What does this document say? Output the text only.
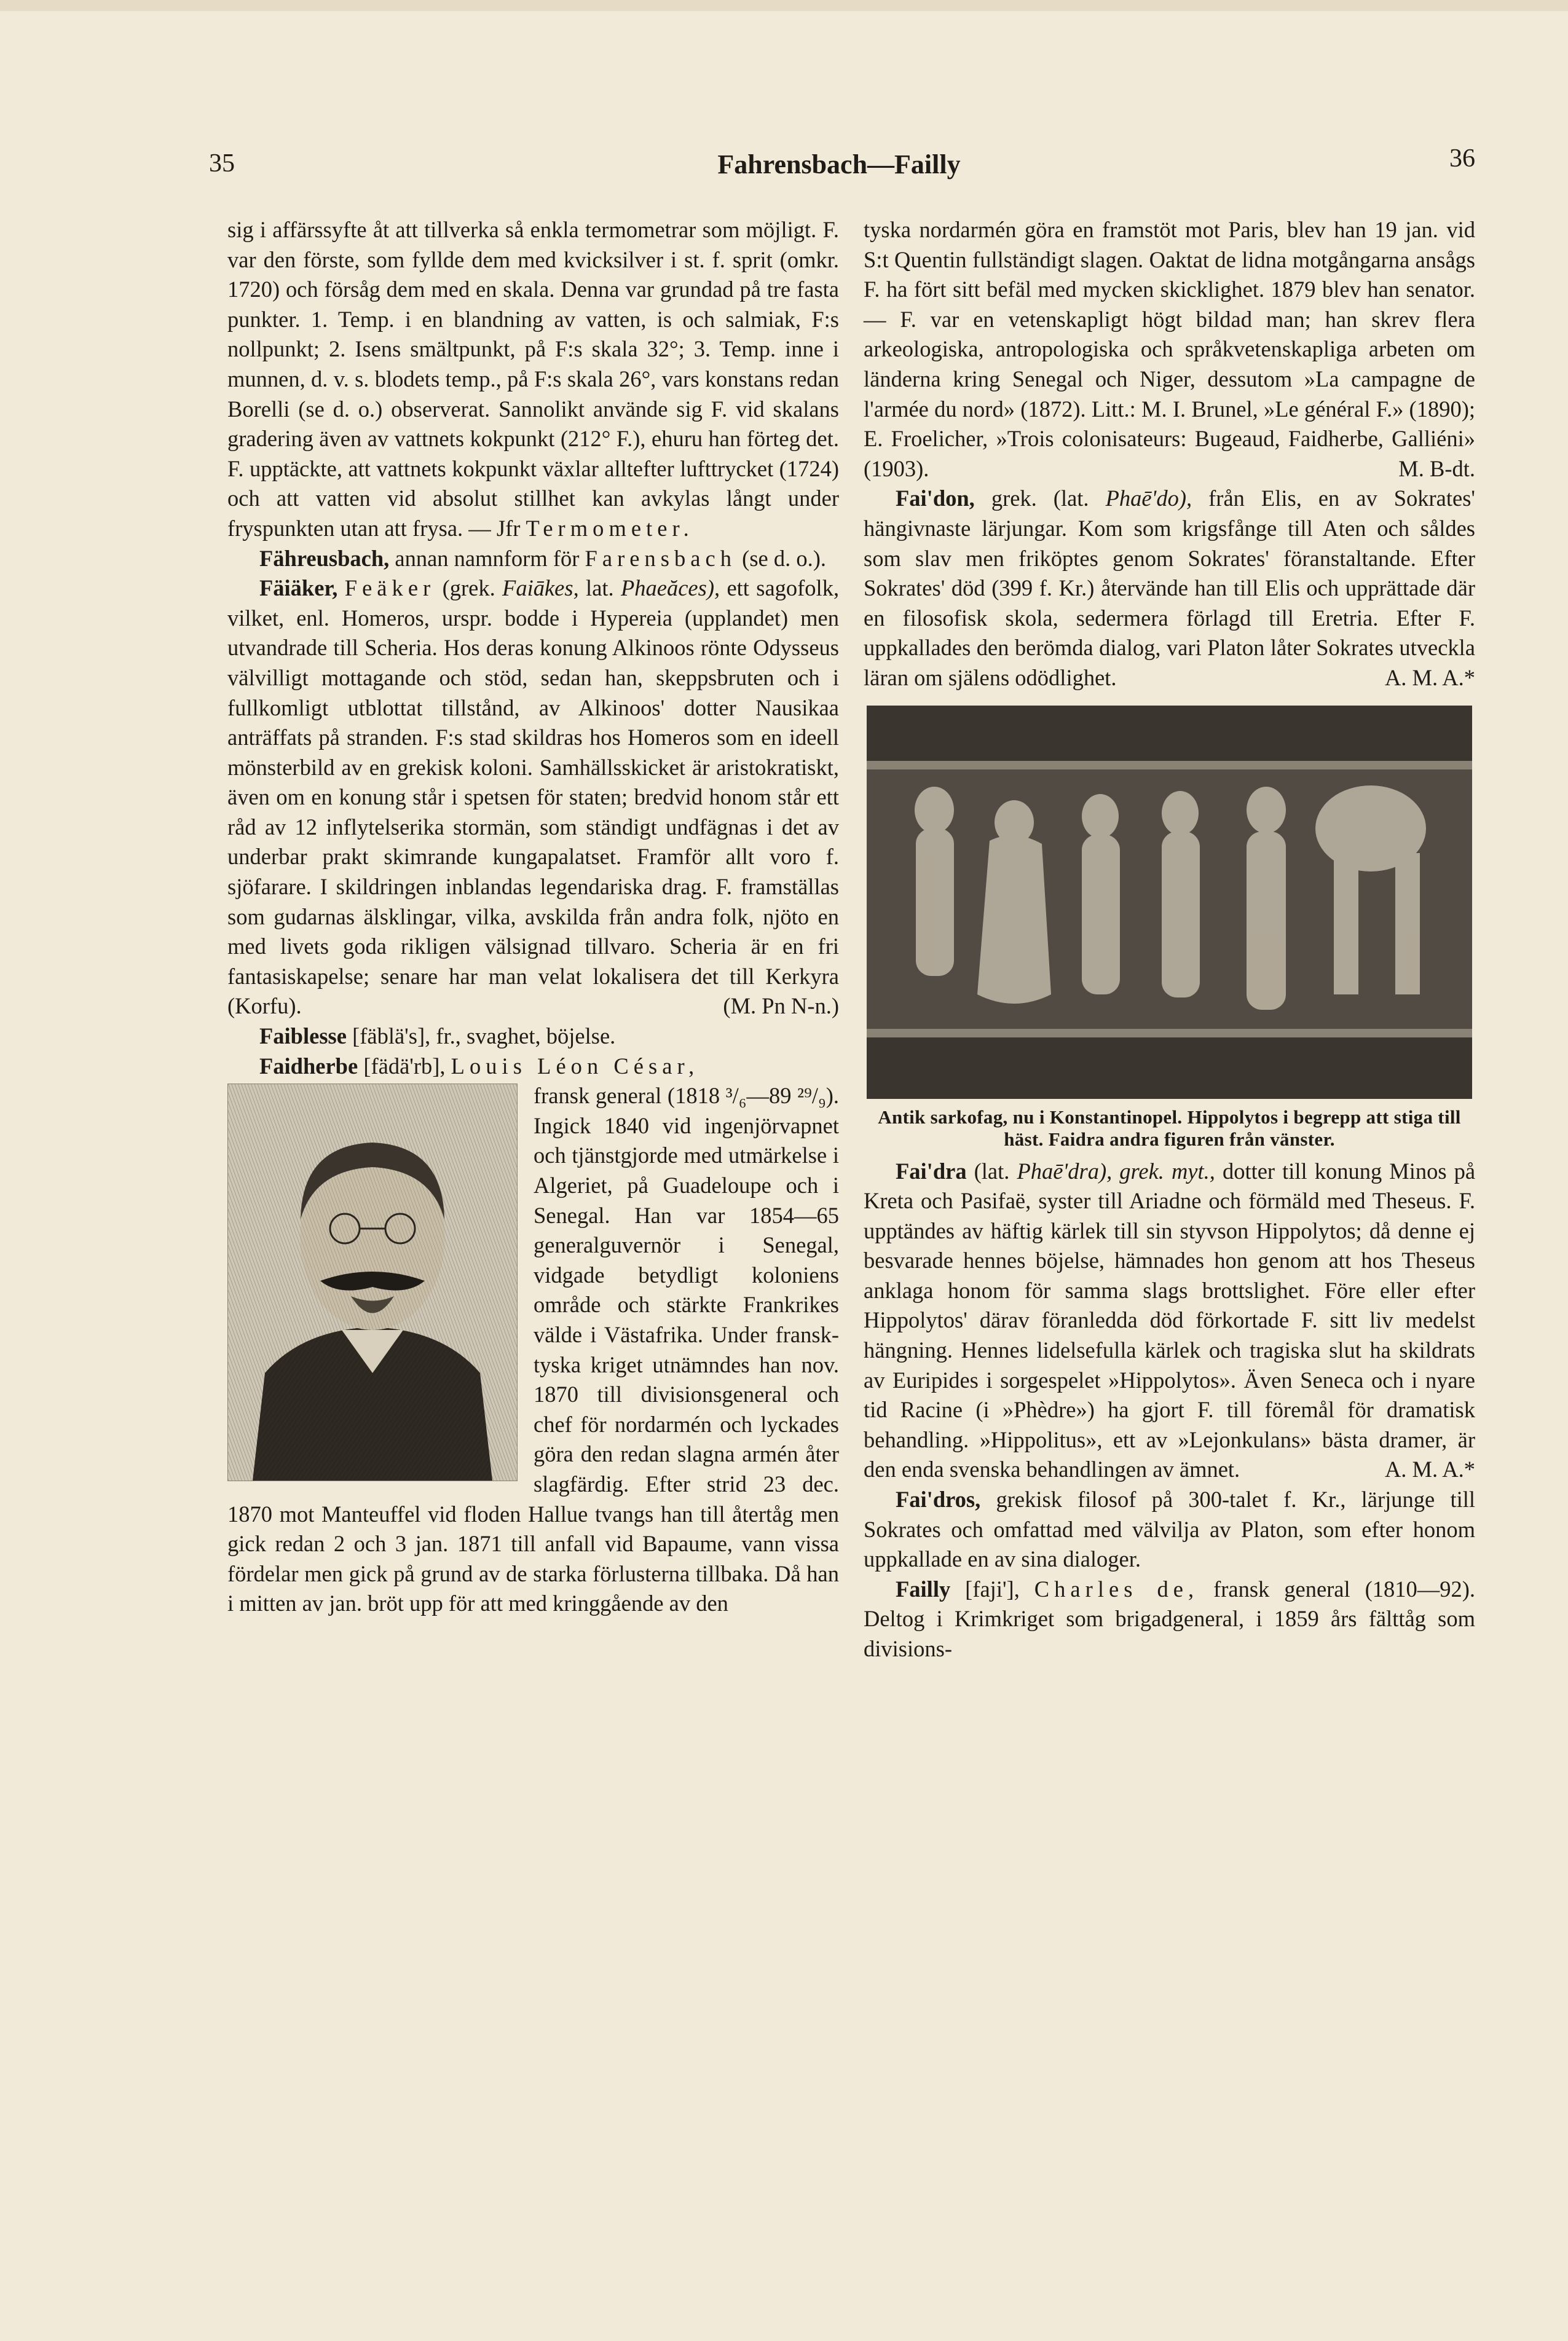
35	Fahrensbach—Failly	36

sig i affärssyfte åt att tillverka så enkla termometrar som möjligt. F. var den förste, som fyllde dem med kvicksilver i st. f. sprit (omkr. 1720) och försåg dem med en skala. Denna var grundad på tre fasta punkter. 1. Temp. i en blandning av vatten, is och salmiak, F:s nollpunkt; 2. Isens smältpunkt, på F:s skala 32°; 3. Temp. inne i munnen, d. v. s. blodets temp., på F:s skala 26°, vars konstans redan Borelli (se d. o.) observerat. Sannolikt använde sig F. vid skalans gradering även av vattnets kokpunkt (212° F.), ehuru han förteg det. F. upptäckte, att vattnets kokpunkt växlar alltefter lufttrycket (1724) och att vatten vid absolut stillhet kan avkylas långt under fryspunkten utan att frysa. — Jfr Termometer.

Fähreusbach, annan namnform för Farensbach (se d. o.).

Fäiäker, Feäker (grek. Faiākes, lat. Phaeăces), ett sagofolk, vilket, enl. Homeros, urspr. bodde i Hypereia (upplandet) men utvandrade till Scheria. Hos deras konung Alkinoos rönte Odysseus välvilligt mottagande och stöd, sedan han, skeppsbruten och i fullkomligt utblottat tillstånd, av Alkinoos' dotter Nausikaa anträffats på stranden. F:s stad skildras hos Homeros som en ideell mönsterbild av en grekisk koloni. Samhällsskicket är aristokratiskt, även om en konung står i spetsen för staten; bredvid honom står ett råd av 12 inflytelserika stormän, som ständigt undfägnas i det av underbar prakt skimrande kungapalatset. Framför allt voro f. sjöfarare. I skildringen inblandas legendariska drag. F. framställas som gudarnas älsklingar, vilka, avskilda från andra folk, njöto en med livets goda rikligen välsignad tillvaro. Scheria är en fri fantasiskapelse; senare har man velat lokalisera det till Kerkyra (Korfu).	(M. Pn N-n.)

Faiblesse [fäblä's], fr., svaghet, böjelse.

Faidherbe [fädä'rb], Louis Léon César,

fransk general (1818 ³/₆—89 ²⁹/₉). Ingick 1840 vid ingenjörvapnet och tjänstgjorde med utmärkelse i Algeriet, på Guadeloupe och i Senegal. Han var 1854—65 generalguvernör i Senegal, vidgade betydligt koloniens område och stärkte Frankrikes välde i Västafrika. Under fransk-tyska kriget utnämndes han nov. 1870 till divisionsgeneral och chef för nordarmén och lyckades göra den redan slagna armén åter slagfärdig. Efter strid 23 dec. 1870 mot Manteuffel vid floden Hallue tvangs han till återtåg men gick redan 2 och 3 jan. 1871 till anfall vid Bapaume, vann vissa fördelar men gick på grund av de starka förlusterna tillbaka. Då han i mitten av jan. bröt upp för att med kringgående av den

tyska nordarmén göra en framstöt mot Paris, blev han 19 jan. vid S:t Quentin fullständigt slagen. Oaktat de lidna motgångarna ansågs F. ha fört sitt befäl med mycken skicklighet. 1879 blev han senator. — F. var en vetenskapligt högt bildad man; han skrev flera arkeologiska, antropologiska och språkvetenskapliga arbeten om länderna kring Senegal och Niger, dessutom »La campagne de l'armée du nord» (1872). Litt.: M. I. Brunel, »Le général F.» (1890); E. Froelicher, »Trois colonisateurs: Bugeaud, Faidherbe, Galliéni» (1903).	M. B-dt.

Fai'don, grek. (lat. Phaē'do), från Elis, en av Sokrates' hängivnaste lärjungar. Kom som krigsfånge till Aten och såldes som slav men friköptes genom Sokrates' föranstaltande. Efter Sokrates' död (399 f. Kr.) återvände han till Elis och upprättade där en filosofisk skola, sedermera förlagd till Eretria. Efter F. uppkallades den berömda dialog, vari Platon låter Sokrates utveckla läran om själens odödlighet.	A. M. A.*

Antik sarkofag, nu i Konstantinopel. Hippolytos i begrepp att stiga till häst. Faidra andra figuren från vänster.

Fai'dra (lat. Phaē'dra), grek. myt., dotter till konung Minos på Kreta och Pasifaë, syster till Ariadne och förmäld med Theseus. F. upptändes av häftig kärlek till sin styvson Hippolytos; då denne ej besvarade hennes böjelse, hämnades hon genom att hos Theseus anklaga honom för samma slags brottslighet. Före eller efter Hippolytos' därav föranledda död förkortade F. sitt liv medelst hängning. Hennes lidelsefulla kärlek och tragiska slut ha skildrats av Euripides i sorgespelet »Hippolytos». Även Seneca och i nyare tid Racine (i »Phèdre») ha gjort F. till föremål för dramatisk behandling. »Hippolitus», ett av »Lejonkulans» bästa dramer, är den enda svenska behandlingen av ämnet.	A. M. A.*

Fai'dros, grekisk filosof på 300-talet f. Kr., lärjunge till Sokrates och omfattad med välvilja av Platon, som efter honom uppkallade en av sina dialoger.

Failly [faji'], Charles de, fransk general (1810—92). Deltog i Krimkriget som brigadgeneral, i 1859 års fälttåg som divisions-
